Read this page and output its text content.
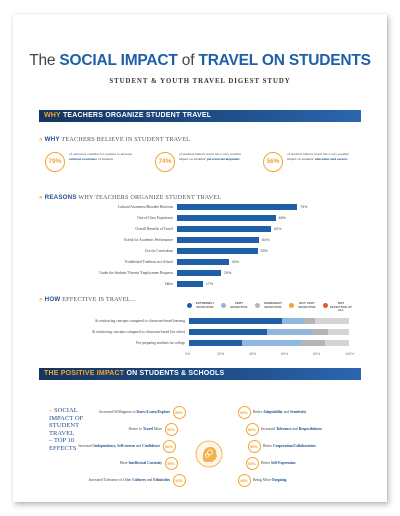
The SOCIAL IMPACT of TRAVEL ON STUDENTS
STUDENT & YOUTH TRAVEL DIGEST STUDY
WHY TEACHERS ORGANIZE STUDENT TRAVEL
» WHY TEACHERS BELIEVE IN STUDENT TRAVEL
79%
of educators consider it a positive to increase cultural awareness of students	74%
of teachers believe travel has a very positive impact on students' personal development	56%
of teachers believe travel has a very positive impact on students' education and careers
» REASONS WHY TEACHERS ORGANIZE STUDENT TRAVEL
Cultural Awareness/Broaden Horizons	79%
Out-of-Class Experience	65%
Overall Benefits of Travel	62%
Useful for Academic Performance	54%
Use for Curriculum	53%
Established Tradition in a School	34%
Under the Students' Parents' Employment Requests	29%
Other	17%
» HOW EFFECTIVE IS TRAVEL...	EXTREMELY EFFECTIVE
VERY EFFECTIVE
SOMEWHAT EFFECTIVE
NOT VERY EFFECTIVE
NOT EFFECTIVE AT ALL
At reinforcing concepts compared to classroom-based learning
At reinforcing concepts compared to classroom-based (for other)
For preparing students for college
0%	20%	40%	60%	80%	100%
THE POSITIVE IMPACT ON STUDENTS & SCHOOLS
» SOCIAL
IMPACT OF
STUDENT
TRAVEL
– TOP 10
EFFECTS
59%
Increased Willingness to Know/Learn/Explore
56%
Desire to Travel More
56%
Increased Independence, Self-esteem and Confidence
55%
More Intellectual Curiosity
52%
Increased Tolerance of Other Cultures and Ethnicities
59%	Better Adaptability and Sensitivity
56%	Increased Tolerance and Respectfulness
55%	Better Cooperation/Collaboration
52%	Better Self-Expression
48%	Being More Outgoing
